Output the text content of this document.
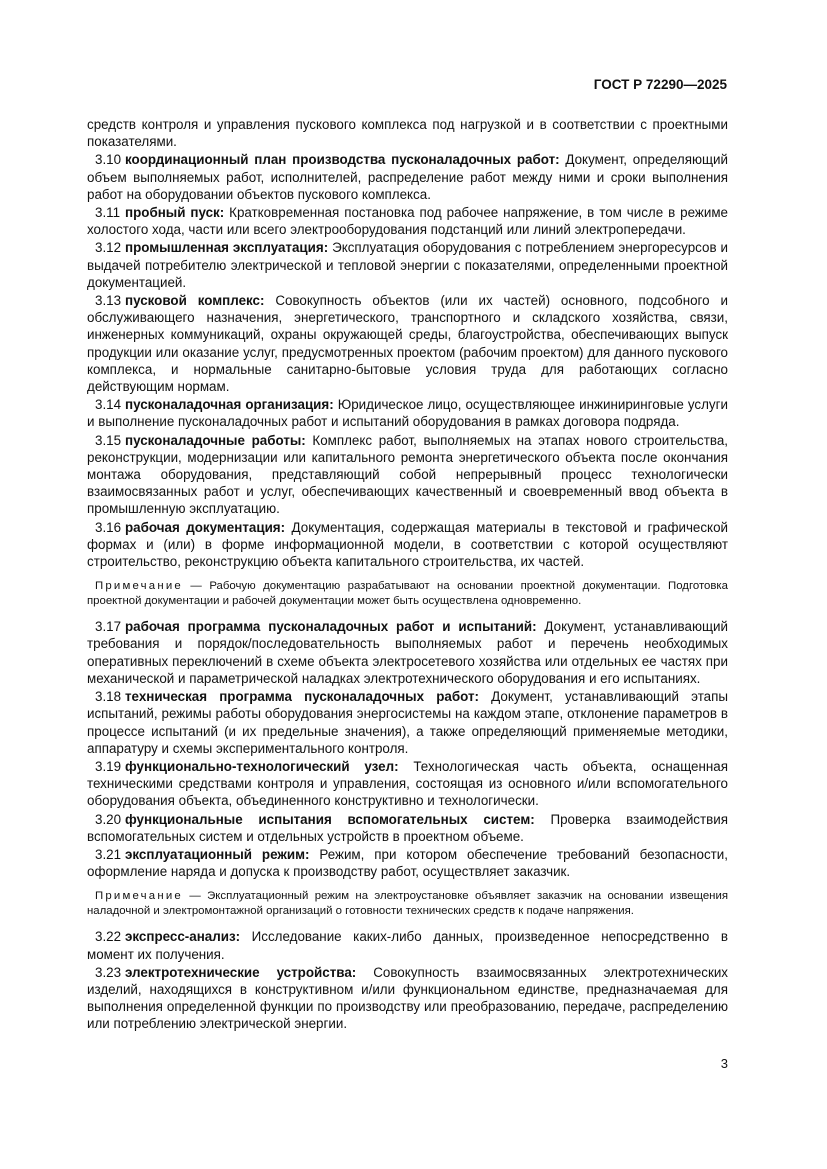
ГОСТ Р 72290—2025

средств контроля и управления пускового комплекса под нагрузкой и в соответствии с проектными показателями.

3.10 координационный план производства пусконаладочных работ: Документ, определяющий объем выполняемых работ, исполнителей, распределение работ между ними и сроки выполнения работ на оборудовании объектов пускового комплекса.

3.11 пробный пуск: Кратковременная постановка под рабочее напряжение, в том числе в режиме холостого хода, части или всего электрооборудования подстанций или линий электропередачи.

3.12 промышленная эксплуатация: Эксплуатация оборудования с потреблением энергоресурсов и выдачей потребителю электрической и тепловой энергии с показателями, определенными проектной документацией.

3.13 пусковой комплекс: Совокупность объектов (или их частей) основного, подсобного и обслуживающего назначения, энергетического, транспортного и складского хозяйства, связи, инженерных коммуникаций, охраны окружающей среды, благоустройства, обеспечивающих выпуск продукции или оказание услуг, предусмотренных проектом (рабочим проектом) для данного пускового комплекса, и нормальные санитарно-бытовые условия труда для работающих согласно действующим нормам.

3.14 пусконаладочная организация: Юридическое лицо, осуществляющее инжиниринговые услуги и выполнение пусконаладочных работ и испытаний оборудования в рамках договора подряда.

3.15 пусконаладочные работы: Комплекс работ, выполняемых на этапах нового строительства, реконструкции, модернизации или капитального ремонта энергетического объекта после окончания монтажа оборудования, представляющий собой непрерывный процесс технологически взаимосвязанных работ и услуг, обеспечивающих качественный и своевременный ввод объекта в промышленную эксплуатацию.

3.16 рабочая документация: Документация, содержащая материалы в текстовой и графической формах и (или) в форме информационной модели, в соответствии с которой осуществляют строительство, реконструкцию объекта капитального строительства, их частей.

Примечание — Рабочую документацию разрабатывают на основании проектной документации. Подготовка проектной документации и рабочей документации может быть осуществлена одновременно.

3.17 рабочая программа пусконаладочных работ и испытаний: Документ, устанавливающий требования и порядок/последовательность выполняемых работ и перечень необходимых оперативных переключений в схеме объекта электросетевого хозяйства или отдельных ее частях при механической и параметрической наладках электротехнического оборудования и его испытаниях.

3.18 техническая программа пусконаладочных работ: Документ, устанавливающий этапы испытаний, режимы работы оборудования энергосистемы на каждом этапе, отклонение параметров в процессе испытаний (и их предельные значения), а также определяющий применяемые методики, аппаратуру и схемы экспериментального контроля.

3.19 функционально-технологический узел: Технологическая часть объекта, оснащенная техническими средствами контроля и управления, состоящая из основного и/или вспомогательного оборудования объекта, объединенного конструктивно и технологически.

3.20 функциональные испытания вспомогательных систем: Проверка взаимодействия вспомогательных систем и отдельных устройств в проектном объеме.

3.21 эксплуатационный режим: Режим, при котором обеспечение требований безопасности, оформление наряда и допуска к производству работ, осуществляет заказчик.

Примечание — Эксплуатационный режим на электроустановке объявляет заказчик на основании извещения наладочной и электромонтажной организаций о готовности технических средств к подаче напряжения.

3.22 экспресс-анализ: Исследование каких-либо данных, произведенное непосредственно в момент их получения.

3.23 электротехнические устройства: Совокупность взаимосвязанных электротехнических изделий, находящихся в конструктивном и/или функциональном единстве, предназначаемая для выполнения определенной функции по производству или преобразованию, передаче, распределению или потреблению электрической энергии.

3
